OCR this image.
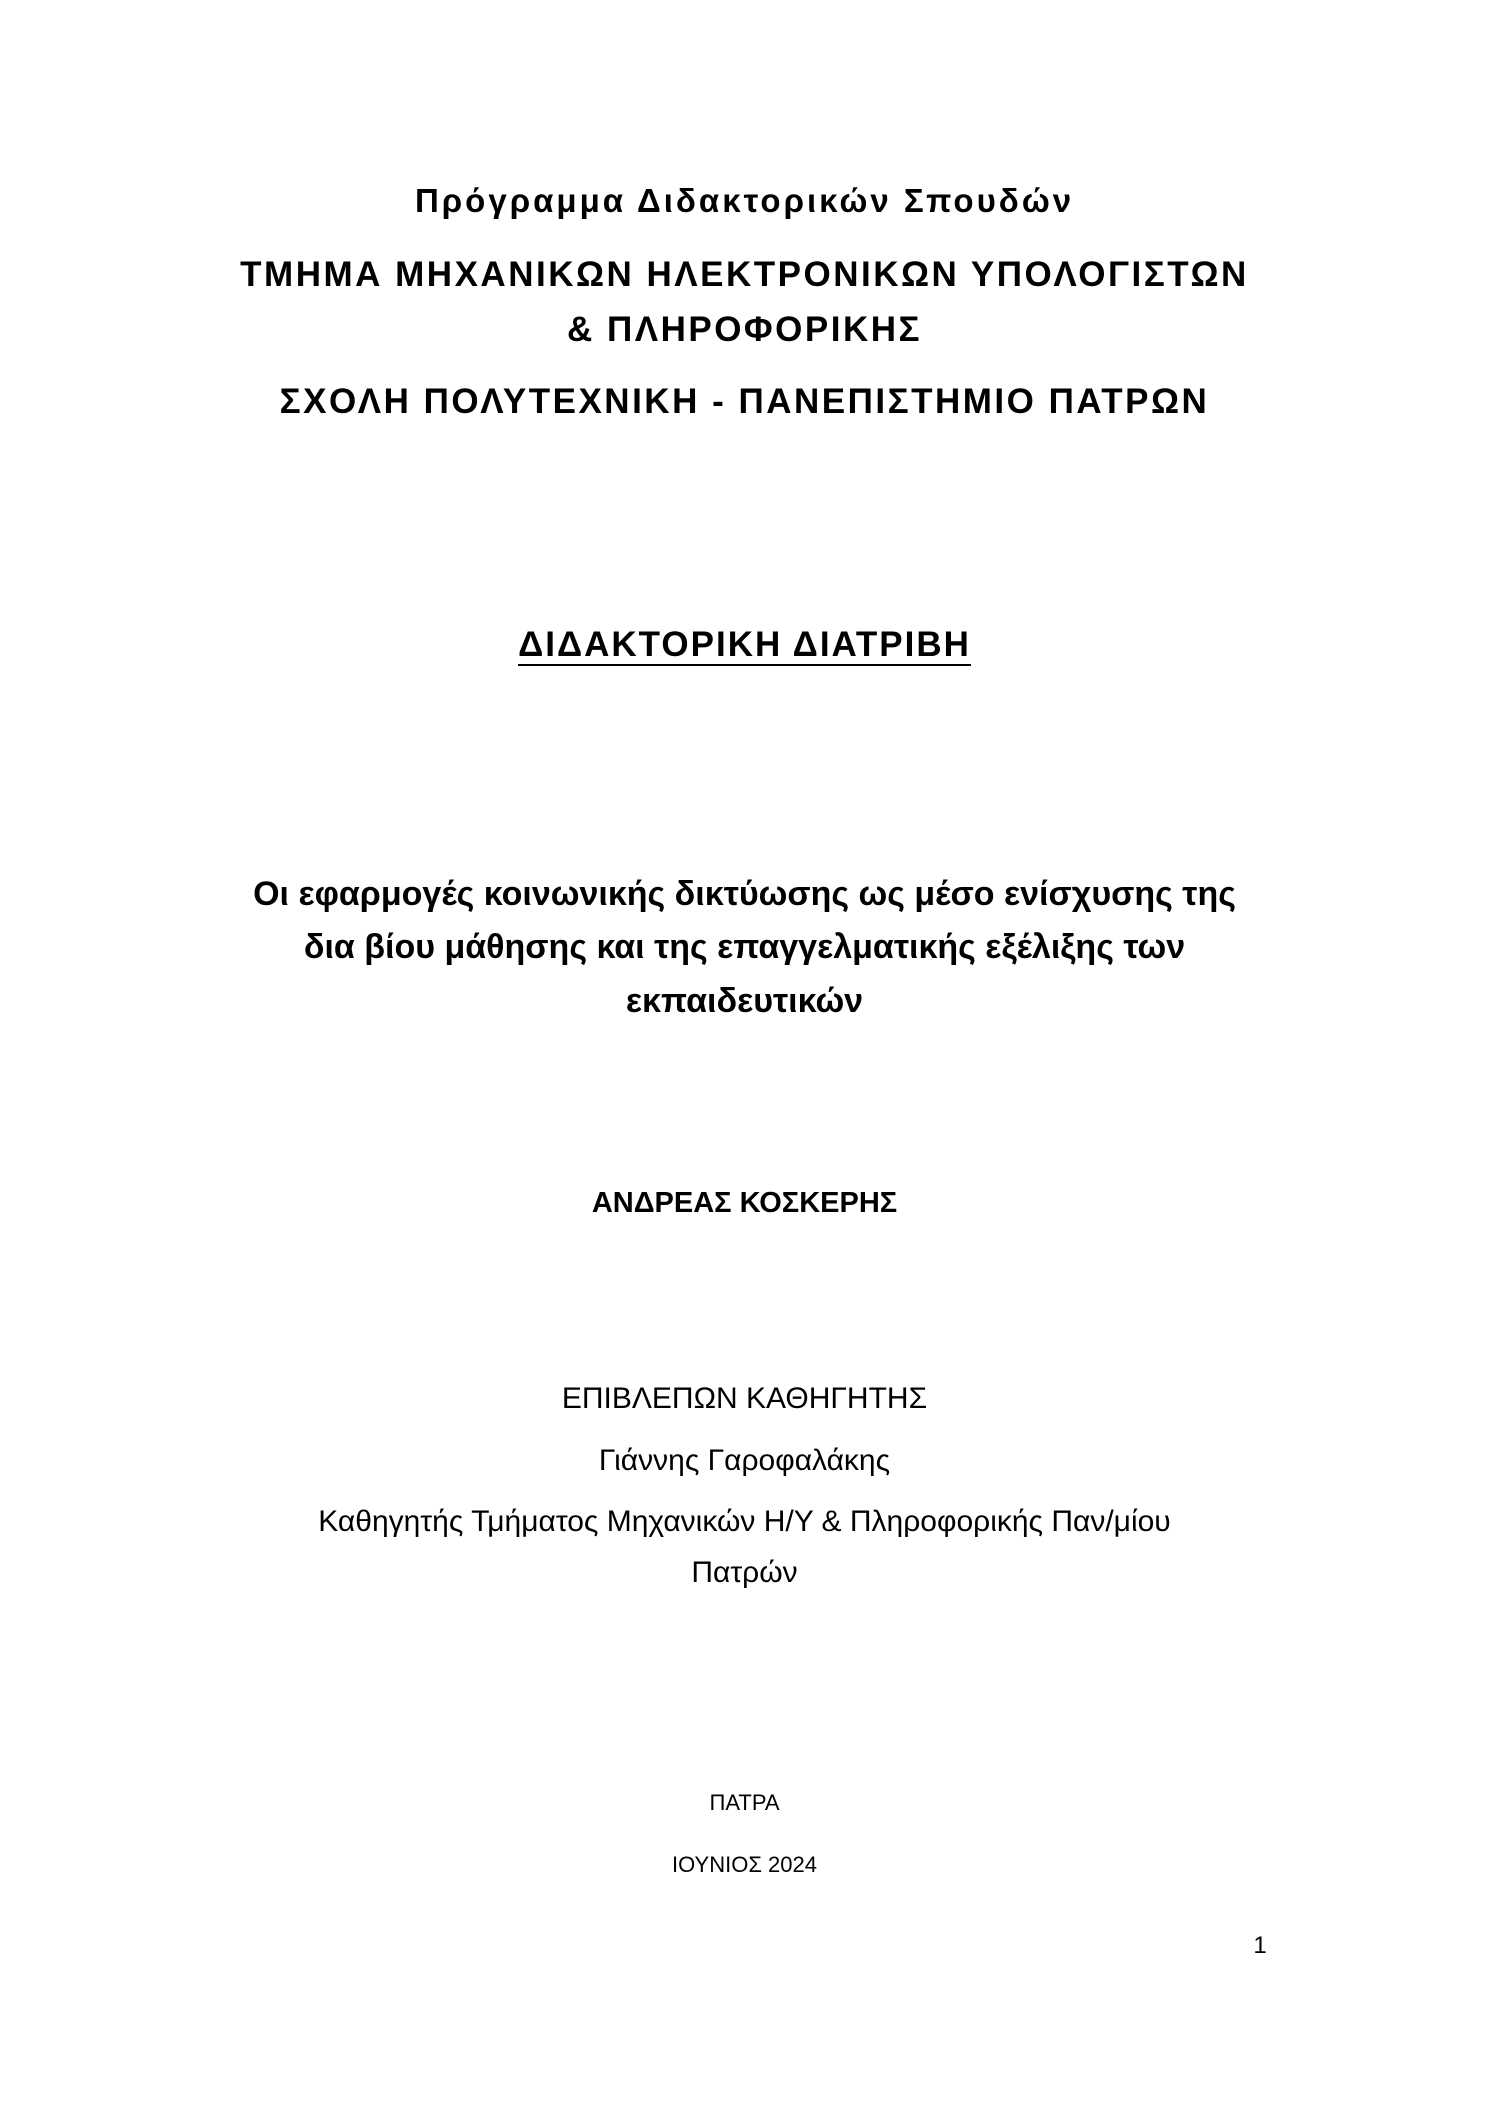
Πρόγραμμα Διδακτορικών Σπουδών

ΤΜΗΜΑ ΜΗΧΑΝΙΚΩΝ ΗΛΕΚΤΡΟΝΙΚΩΝ ΥΠΟΛΟΓΙΣΤΩΝ

& ΠΛΗΡΟΦΟΡΙΚΗΣ

ΣΧΟΛΗ ΠΟΛΥΤΕΧΝΙΚΗ - ΠΑΝΕΠΙΣΤΗΜΙΟ ΠΑΤΡΩΝ

ΔΙΔΑΚΤΟΡΙΚΗ ΔΙΑΤΡΙΒΗ

Οι εφαρμογές κοινωνικής δικτύωσης ως μέσο ενίσχυσης της

δια βίου μάθησης και της επαγγελματικής εξέλιξης των

εκπαιδευτικών

ΑΝΔΡΕΑΣ ΚΟΣΚΕΡΗΣ

ΕΠΙΒΛΕΠΩΝ ΚΑΘΗΓΗΤΗΣ

Γιάννης Γαροφαλάκης

Καθηγητής Τμήματος Μηχανικών Η/Υ & Πληροφορικής Παν/μίου

Πατρών

ΠΑΤΡΑ

ΙΟΥΝΙΟΣ 2024

1
